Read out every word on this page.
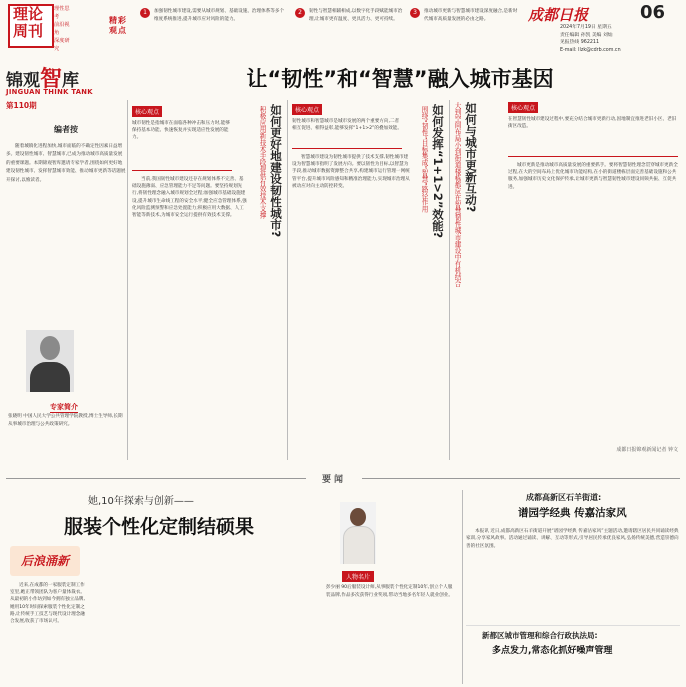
理论
周刊
理性思考
前沿视角
深度研究
精彩观点
1	加强韧性城市建设,需要从城市规划、基础设施、治理体系等多个维度系统推进,提升城市应对风险的能力。
2	韧性与智慧相辅相成,以数字化手段赋能城市治理,让城市更有温度、更具活力、更可持续。
3	推动城市更新与智慧城市建设深度融合,是新时代城市高质量发展的必由之路。	成都日报	06
2024年7月19日 星期五
责任编辑 孙凯 美编 刘灿
见报热线 962211
E-mail: llzk@cdrb.com.cn
锦观智库
JINGUAN THINK TANK
第110期
让“韧性”和“智慧”融入城市基因
编者按
随着城镇化进程加快,城市面临的不确定性因素日益增多。建设韧性城市、智慧城市,已成为推动城市高质量发展的重要课题。本期锦观智库邀请专家学者,围绕如何更好地建设韧性城市、发挥智慧城市效能、推动城市更新等话题展开探讨,以飨读者。
专家简介
张晓明 中国人民大学公共管理学院教授,博士生导师,长期从事城市治理与公共政策研究。
如何更好地建设韧性城市?
积极应用新技术手段提供有效技术支撑
核心观点
城市韧性是指城市在面临各种冲击和压力时,能够保持基本功能、快速恢复并实现适应性发展的能力。
当前,我国韧性城市建设还存在规划体系不完善、基础设施薄弱、应急管理能力不足等问题。要坚持规划先行,将韧性理念融入城市规划全过程;加强城市基础设施建设,提升城市生命线工程的安全水平;健全应急管理体系,强化风险监测预警和应急处置能力;积极应用大数据、人工智能等新技术,为城市安全运行提供有效技术支撑。	如何发挥“1+1>2”效能?
围绕“韧性”目标集成“智慧”路径作用
核心观点
韧性城市和智慧城市是城市发展的两个重要方向,二者相互促进、相得益彰,能够发挥“1+1>2”的叠加效能。
智慧城市建设为韧性城市提供了技术支撑,韧性城市建设为智慧城市指明了发展方向。要以韧性为目标,以智慧为手段,推动城市数据资源整合共享,构建城市运行管理一网统管平台,提升城市风险感知和精准治理能力,实现城市治理从被动应对向主动防控转变。	如何与城市更新互动?
大到空间布局小到街道楼栋都应在智慧韧性城市建设中有机结合	核心观点
在智慧韧性城市建设过程中,要充分结合城市更新行动,因地制宜推进老旧小区、老旧街区改造。
城市更新是推动城市高质量发展的重要抓手。要将智慧韧性理念贯穿城市更新全过程,在大的空间布局上优化城市功能结构,在小的街道楼栋层面完善基础设施和公共服务,加强城市历史文化保护传承,让城市更新与智慧韧性城市建设同频共振、互促共进。
成都日报锦观新闻记者 钟文
要闻
她,10年探索与创新——
服装个性化定制结硕果
后浪涌新
近来,在成都的一家服装定制工作室里,她正带领团队为客户量体裁衣。从最初的小作坊到如今拥有独立品牌,她用10年时间探索服装个性化定制之路,让传统手工技艺与现代设计理念融合发展,收获了市场认可。
人物名片
彭少丽 90后服装设计师,从事服装个性化定制10年,创立个人服装品牌,作品多次获得行业奖项,带动当地多名年轻人就业创业。
成都高新区石羊街道:
谱园学经典 传嘉沽家风
本报讯 近日,成都高新区石羊街道开展“谱园学经典 传嘉沽家风”主题活动,邀请辖区居民共同诵读经典家训,分享家风故事。活动通过诵读、讲解、互动等形式,引导居民传承优良家风,弘扬传统美德,营造崇德向善的社区氛围。
新都区城市管理和综合行政执法局:
多点发力,常态化抓好噪声管理
